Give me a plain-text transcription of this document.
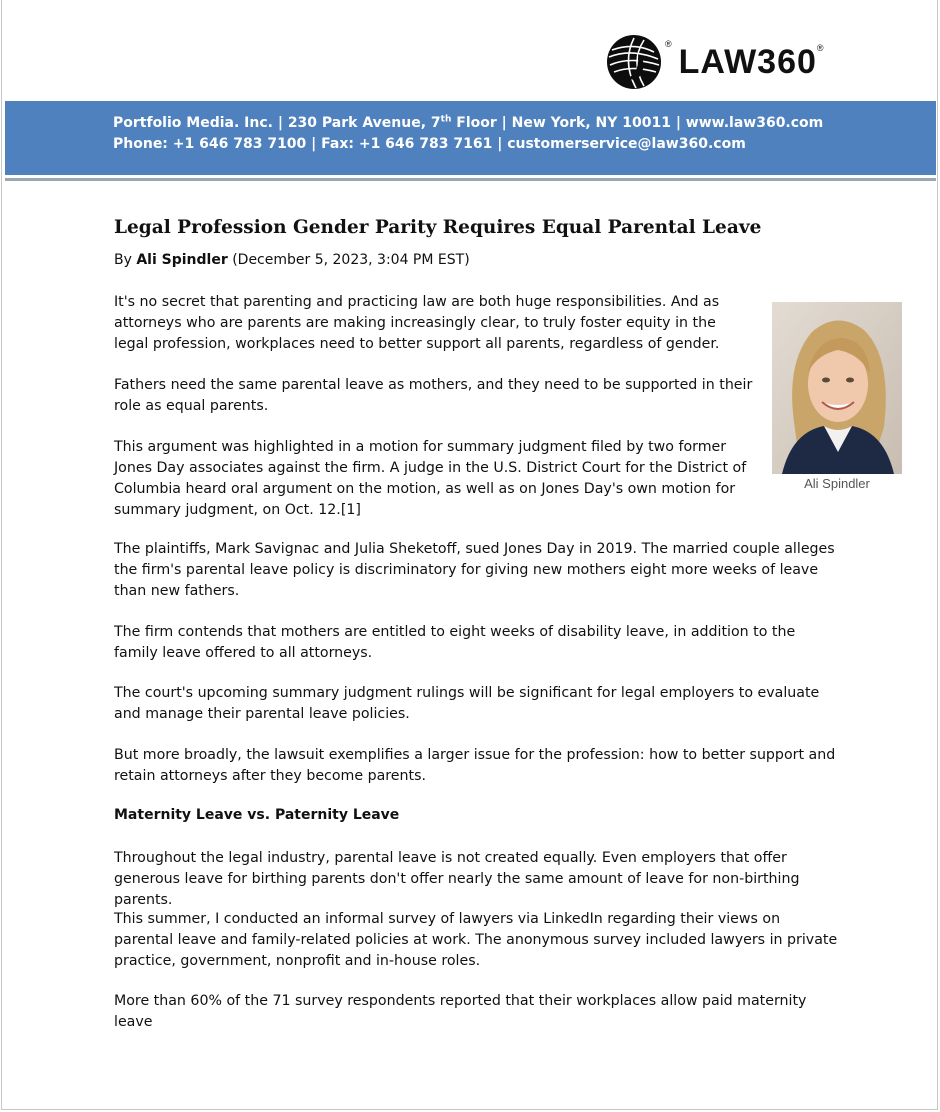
® LAW360 ®
Portfolio Media. Inc. | 230 Park Avenue, 7th Floor | New York, NY 10011 | www.law360.com
Phone: +1 646 783 7100 | Fax: +1 646 783 7161 | customerservice@law360.com
Legal Profession Gender Parity Requires Equal Parental Leave
By Ali Spindler (December 5, 2023, 3:04 PM EST)
Ali Spindler
It's no secret that parenting and practicing law are both huge responsibilities. And as attorneys who are parents are making increasingly clear, to truly foster equity in the legal profession, workplaces need to better support all parents, regardless of gender.
Fathers need the same parental leave as mothers, and they need to be supported in their role as equal parents.
This argument was highlighted in a motion for summary judgment filed by two former Jones Day associates against the firm. A judge in the U.S. District Court for the District of Columbia heard oral argument on the motion, as well as on Jones Day's own motion for summary judgment, on Oct. 12.[1]
The plaintiffs, Mark Savignac and Julia Sheketoff, sued Jones Day in 2019. The married couple alleges the firm's parental leave policy is discriminatory for giving new mothers eight more weeks of leave than new fathers.
The firm contends that mothers are entitled to eight weeks of disability leave, in addition to the family leave offered to all attorneys.
The court's upcoming summary judgment rulings will be significant for legal employers to evaluate and manage their parental leave policies.
But more broadly, the lawsuit exemplifies a larger issue for the profession: how to better support and retain attorneys after they become parents.
Maternity Leave vs. Paternity Leave
Throughout the legal industry, parental leave is not created equally. Even employers that offer generous leave for birthing parents don't offer nearly the same amount of leave for non-birthing parents.
This summer, I conducted an informal survey of lawyers via LinkedIn regarding their views on parental leave and family-related policies at work. The anonymous survey included lawyers in private practice, government, nonprofit and in-house roles.
More than 60% of the 71 survey respondents reported that their workplaces allow paid maternity leave
